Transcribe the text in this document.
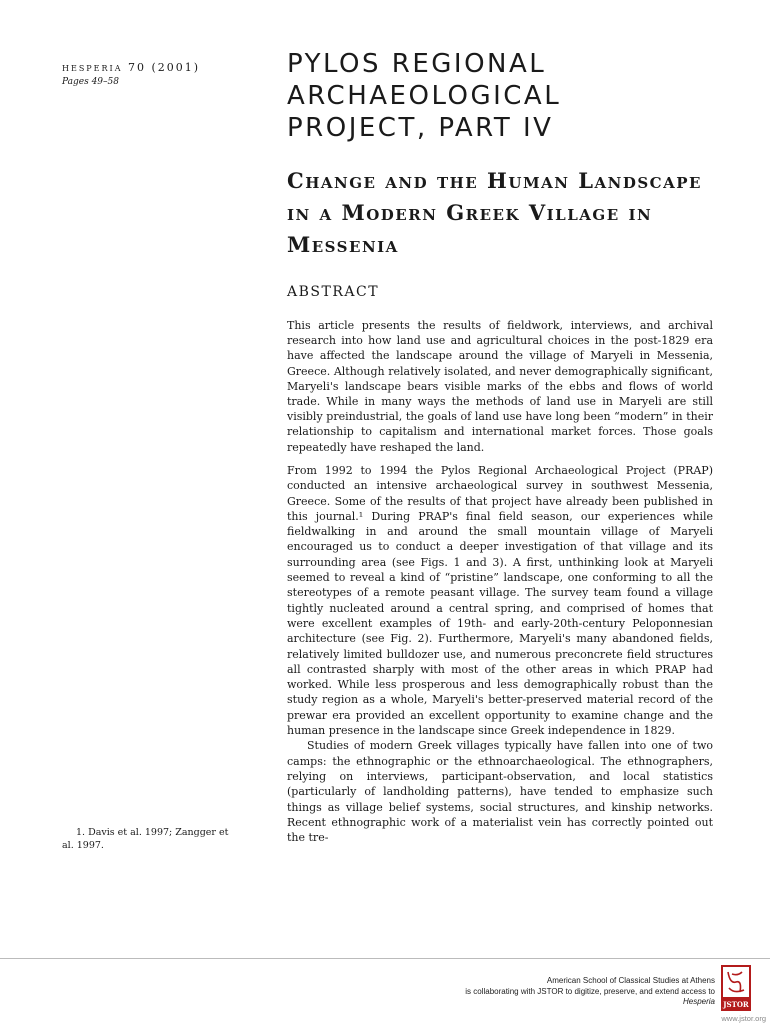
hesperia 70 (2001)
Pages 49–58
PYLOS REGIONAL ARCHAEOLOGICAL PROJECT, PART IV
Change and the Human Landscape in a Modern Greek Village in Messenia
ABSTRACT

This article presents the results of fieldwork, interviews, and archival research into how land use and agricultural choices in the post-1829 era have affected the landscape around the village of Maryeli in Messenia, Greece. Although relatively isolated, and never demographically significant, Maryeli's landscape bears visible marks of the ebbs and flows of world trade. While in many ways the methods of land use in Maryeli are still visibly preindustrial, the goals of land use have long been “modern” in their relationship to capitalism and international market forces. Those goals repeatedly have reshaped the land.

From 1992 to 1994 the Pylos Regional Archaeological Project (PRAP) conducted an intensive archaeological survey in southwest Messenia, Greece. Some of the results of that project have already been published in this journal.¹ During PRAP's final field season, our experiences while fieldwalking in and around the small mountain village of Maryeli encouraged us to conduct a deeper investigation of that village and its surrounding area (see Figs. 1 and 3). A first, unthinking look at Maryeli seemed to reveal a kind of “pristine” landscape, one conforming to all the stereotypes of a remote peasant village. The survey team found a village tightly nucleated around a central spring, and comprised of homes that were excellent examples of 19th- and early-20th-century Peloponnesian architecture (see Fig. 2). Furthermore, Maryeli's many abandoned fields, relatively limited bulldozer use, and numerous preconcrete field structures all contrasted sharply with most of the other areas in which PRAP had worked. While less prosperous and less demographically robust than the study region as a whole, Maryeli's better-preserved material record of the prewar era provided an excellent opportunity to examine change and the human presence in the landscape since Greek independence in 1829.

Studies of modern Greek villages typically have fallen into one of two camps: the ethnographic or the ethnoarchaeological. The ethnographers, relying on interviews, participant-observation, and local statistics (particularly of landholding patterns), have tended to emphasize such things as village belief systems, social structures, and kinship networks. Recent ethnographic work of a materialist vein has correctly pointed out the tre-

1. Davis et al. 1997; Zangger et al. 1997.
American School of Classical Studies at Athens
is collaborating with JSTOR to digitize, preserve, and extend access to
Hesperia JSTOR
www.jstor.org
